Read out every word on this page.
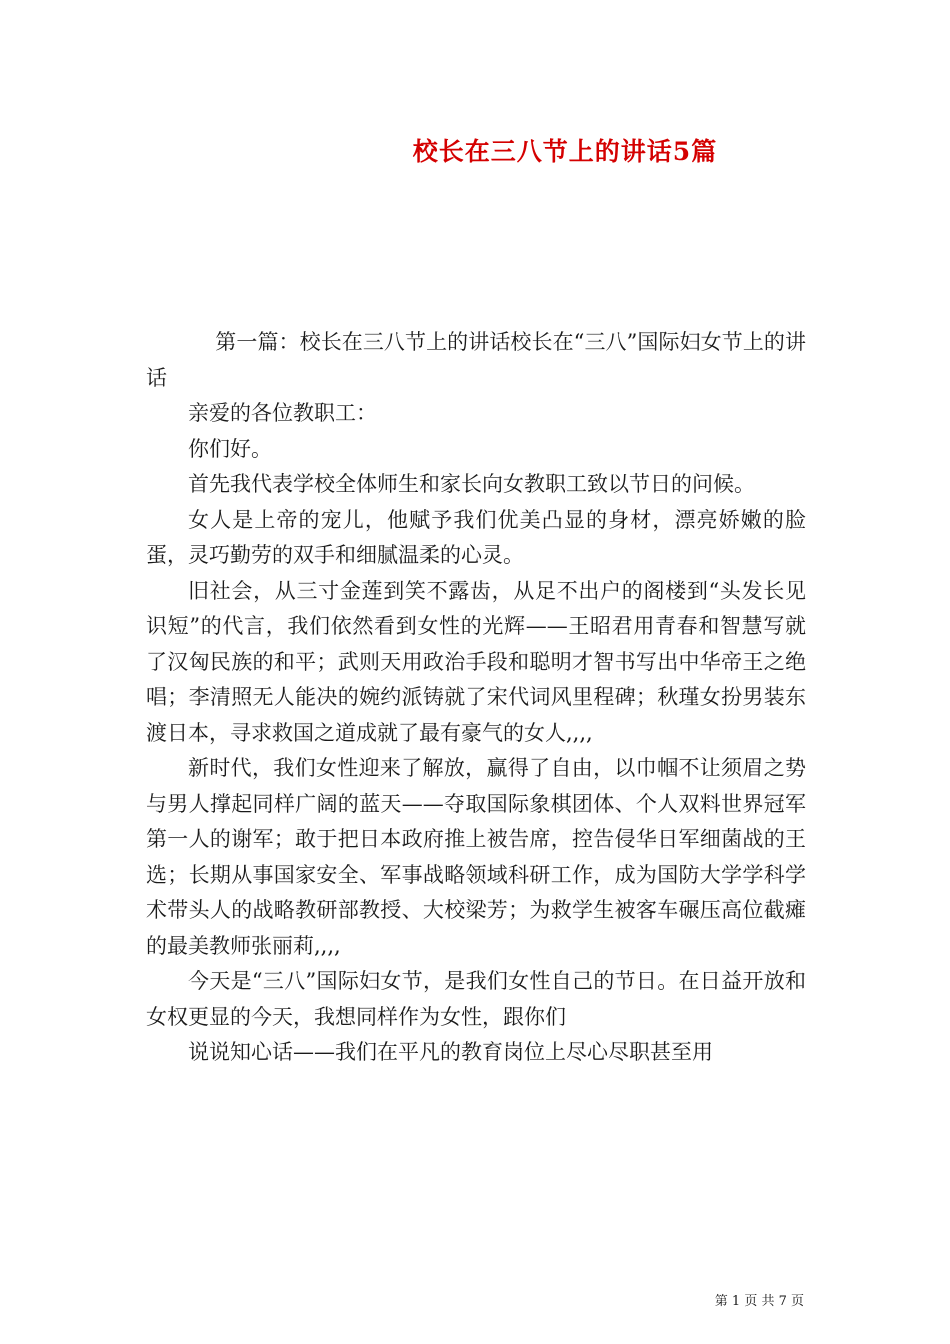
校长在三八节上的讲话5篇

第一篇：校长在三八节上的讲话校长在“三八”国际妇女节上的讲话

亲爱的各位教职工：

你们好。

首先我代表学校全体师生和家长向女教职工致以节日的问候。

女人是上帝的宠儿，他赋予我们优美凸显的身材，漂亮娇嫩的脸蛋，灵巧勤劳的双手和细腻温柔的心灵。

旧社会，从三寸金莲到笑不露齿，从足不出户的阁楼到“头发长见识短”的代言，我们依然看到女性的光辉——王昭君用青春和智慧写就了汉匈民族的和平；武则天用政治手段和聪明才智书写出中华帝王之绝唱；李清照无人能决的婉约派铸就了宋代词风里程碑；秋瑾女扮男装东渡日本，寻求救国之道成就了最有豪气的女人,,,,

新时代，我们女性迎来了解放，赢得了自由，以巾帼不让须眉之势与男人撑起同样广阔的蓝天——夺取国际象棋团体、个人双料世界冠军第一人的谢军；敢于把日本政府推上被告席，控告侵华日军细菌战的王选；长期从事国家安全、军事战略领域科研工作，成为国防大学学科学术带头人的战略教研部教授、大校梁芳；为救学生被客车碾压高位截瘫的最美教师张丽莉,,,,

今天是“三八”国际妇女节，是我们女性自己的节日。在日益开放和女权更显的今天，我想同样作为女性，跟你们

说说知心话——我们在平凡的教育岗位上尽心尽职甚至用

第 1 页 共 7 页
